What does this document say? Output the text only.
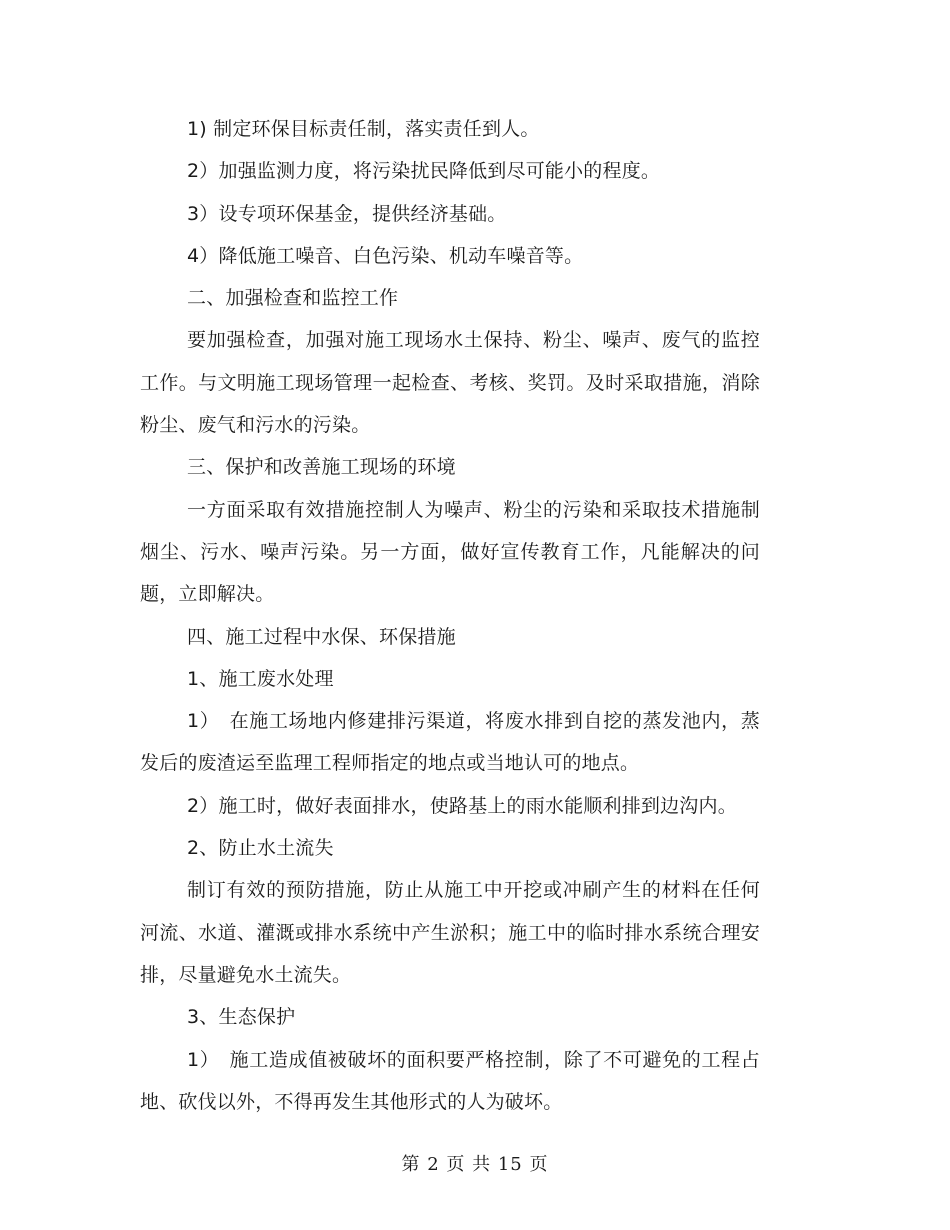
1) 制定环保目标责任制，落实责任到人。

2）加强监测力度，将污染扰民降低到尽可能小的程度。

3）设专项环保基金，提供经济基础。

4）降低施工噪音、白色污染、机动车噪音等。

二、加强检查和监控工作

要加强检查，加强对施工现场水土保持、粉尘、噪声、废气的监控工作。与文明施工现场管理一起检查、考核、奖罚。及时采取措施，消除粉尘、废气和污水的污染。

三、保护和改善施工现场的环境

一方面采取有效措施控制人为噪声、粉尘的污染和采取技术措施制烟尘、污水、噪声污染。另一方面，做好宣传教育工作，凡能解决的问题，立即解决。

四、施工过程中水保、环保措施

1、施工废水处理

1）　在施工场地内修建排污渠道，将废水排到自挖的蒸发池内，蒸发后的废渣运至监理工程师指定的地点或当地认可的地点。

2）施工时，做好表面排水，使路基上的雨水能顺利排到边沟内。

2、防止水土流失

制订有效的预防措施，防止从施工中开挖或冲刷产生的材料在任何河流、水道、灌溉或排水系统中产生淤积；施工中的临时排水系统合理安排，尽量避免水土流失。

3、生态保护

1）　施工造成值被破坏的面积要严格控制，除了不可避免的工程占地、砍伐以外，不得再发生其他形式的人为破坏。

第 2 页 共 15 页
